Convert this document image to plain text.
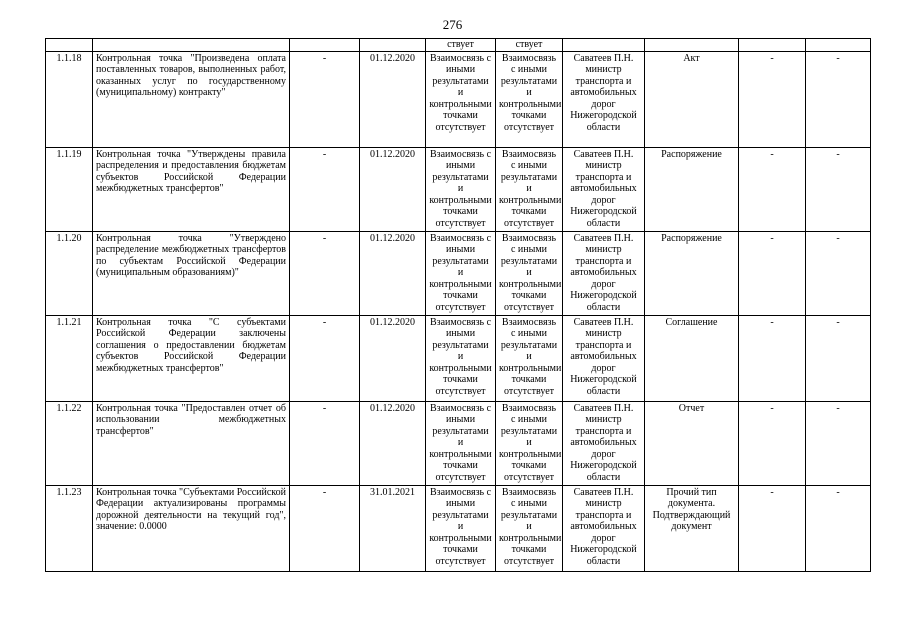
276
				ствует	ствует				
1.1.18	Контрольная точка "Произведена оплата поставленных товаров, выполненных работ, оказанных услуг по государственному (муниципальному) контракту"	-	01.12.2020	Взаимосвязь с иными результатами и контрольными точками отсутствует	Взаимосвязь с иными результатами и контрольными точками отсутствует	Саватеев П.Н. министр транспорта и автомобильных дорог Нижегородской области	Акт	-	-
1.1.19	Контрольная точка "Утверждены правила распределения и предоставления бюджетам субъектов Российской Федерации межбюджетных трансфертов"	-	01.12.2020	Взаимосвязь с иными результатами и контрольными точками отсутствует	Взаимосвязь с иными результатами и контрольными точками отсутствует	Саватеев П.Н. министр транспорта и автомобильных дорог Нижегородской области	Распоряжение	-	-
1.1.20	Контрольная точка "Утверждено распределение межбюджетных трансфертов по субъектам Российской Федерации (муниципальным образованиям)"	-	01.12.2020	Взаимосвязь с иными результатами и контрольными точками отсутствует	Взаимосвязь с иными результатами и контрольными точками отсутствует	Саватеев П.Н. министр транспорта и автомобильных дорог Нижегородской области	Распоряжение	-	-
1.1.21	Контрольная точка "С субъектами Российской Федерации заключены соглашения о предоставлении бюджетам субъектов Российской Федерации межбюджетных трансфертов"	-	01.12.2020	Взаимосвязь с иными результатами и контрольными точками отсутствует	Взаимосвязь с иными результатами и контрольными точками отсутствует	Саватеев П.Н. министр транспорта и автомобильных дорог Нижегородской области	Соглашение	-	-
1.1.22	Контрольная точка "Предоставлен отчет об использовании межбюджетных трансфертов"	-	01.12.2020	Взаимосвязь с иными результатами и контрольными точками отсутствует	Взаимосвязь с иными результатами и контрольными точками отсутствует	Саватеев П.Н. министр транспорта и автомобильных дорог Нижегородской области	Отчет	-	-
1.1.23	Контрольная точка "Субъектами Российской Федерации актуализированы программы дорожной деятельности на текущий год", значение: 0.0000	-	31.01.2021	Взаимосвязь с иными результатами и контрольными точками отсутствует	Взаимосвязь с иными результатами и контрольными точками отсутствует	Саватеев П.Н. министр транспорта и автомобильных дорог Нижегородской области	Прочий тип документа. Подтверждающий документ	-	-
